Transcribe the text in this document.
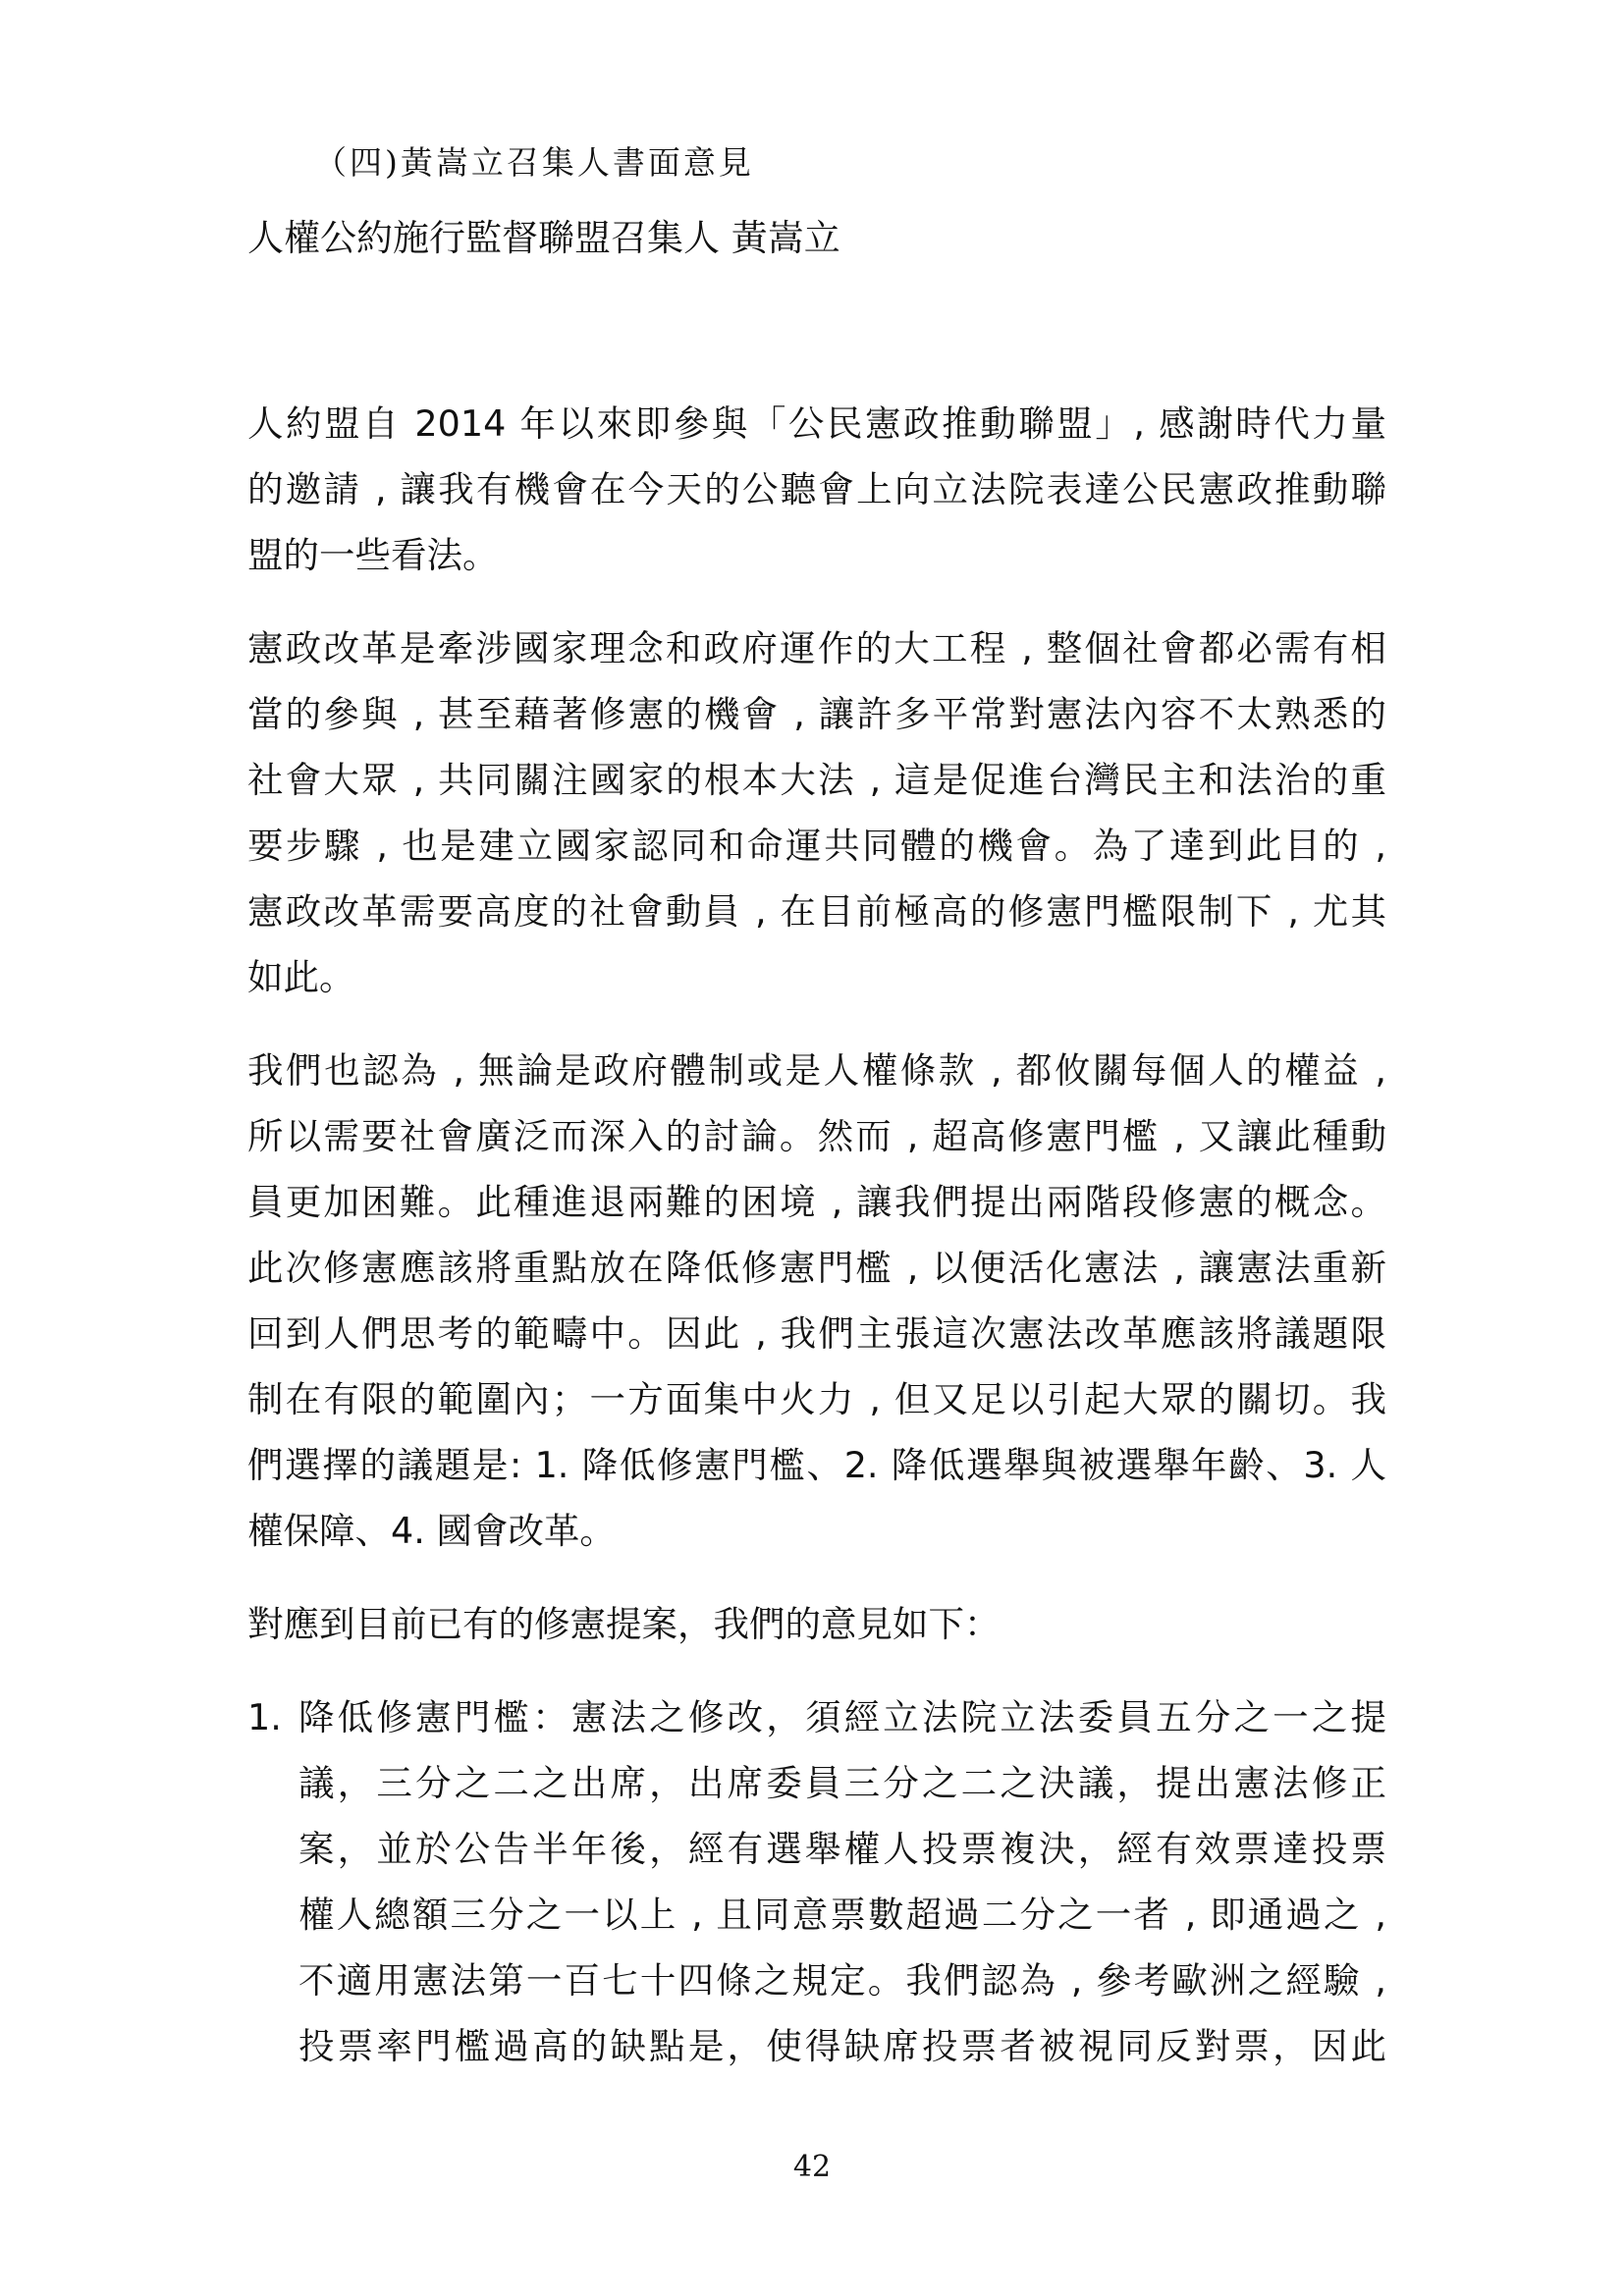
（四)黃嵩立召集人書面意見
人權公約施行監督聯盟召集人 黃嵩立
人約盟自 2014 年以來即參與「公民憲政推動聯盟」, 感謝時代力量
的邀請 , 讓我有機會在今天的公聽會上向立法院表達公民憲政推動聯
盟的一些看法。
憲政改革是牽涉國家理念和政府運作的大工程 , 整個社會都必需有相
當的參與 , 甚至藉著修憲的機會 , 讓許多平常對憲法內容不太熟悉的
社會大眾 , 共同關注國家的根本大法 , 這是促進台灣民主和法治的重
要步驟 , 也是建立國家認同和命運共同體的機會。為了達到此目的 ,
憲政改革需要高度的社會動員 , 在目前極高的修憲門檻限制下 , 尤其
如此。
我們也認為 , 無論是政府體制或是人權條款 , 都攸關每個人的權益 ,
所以需要社會廣泛而深入的討論。然而 , 超高修憲門檻 , 又讓此種動
員更加困難。此種進退兩難的困境 , 讓我們提出兩階段修憲的概念。
此次修憲應該將重點放在降低修憲門檻 , 以便活化憲法 , 讓憲法重新
回到人們思考的範疇中。因此 , 我們主張這次憲法改革應該將議題限
制在有限的範圍內；一方面集中火力 , 但又足以引起大眾的關切。我
們選擇的議題是: 1. 降低修憲門檻、2. 降低選舉與被選舉年齡、3. 人
權保障、4. 國會改革。
對應到目前已有的修憲提案，我們的意見如下：
1. 降低修憲門檻：憲法之修改，須經立法院立法委員五分之一之提
議，三分之二之出席，出席委員三分之二之決議，提出憲法修正
案，並於公告半年後，經有選舉權人投票複決，經有效票達投票
權人總額三分之一以上 , 且同意票數超過二分之一者 , 即通過之 ,
不適用憲法第一百七十四條之規定。我們認為 , 參考歐洲之經驗 ,
投票率門檻過高的缺點是，使得缺席投票者被視同反對票，因此
42
